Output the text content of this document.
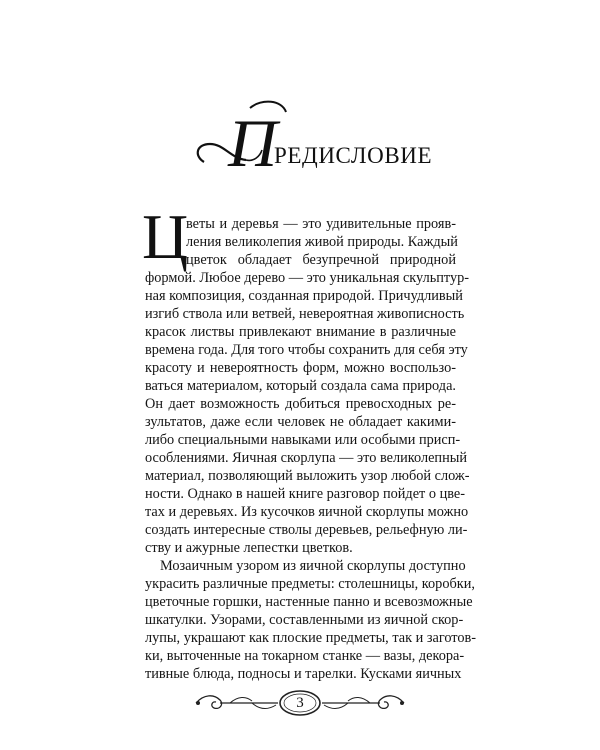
П
РЕДИСЛОВИЕ
Ц
веты и деревья — это удивительные прояв-
ления великолепия живой природы. Каждый
цветок обладает безупречной природной
формой. Любое дерево — это уникальная скульптур-
ная композиция, созданная природой. Причудливый
изгиб ствола или ветвей, невероятная живописность
красок листвы привлекают внимание в различные
времена года. Для того чтобы сохранить для себя эту
красоту и невероятность форм, можно воспользо-
ваться материалом, который создала сама природа.
Он дает возможность добиться превосходных ре-
зультатов, даже если человек не обладает какими-
либо специальными навыками или особыми присп-
особлениями. Яичная скорлупа — это великолепный
материал, позволяющий выложить узор любой слож-
ности. Однако в нашей книге разговор пойдет о цве-
тах и деревьях. Из кусочков яичной скорлупы можно
создать интересные стволы деревьев, рельефную ли-
ству и ажурные лепестки цветков.
Мозаичным узором из яичной скорлупы доступно
украсить различные предметы: столешницы, коробки,
цветочные горшки, настенные панно и всевозможные
шкатулки. Узорами, составленными из яичной скор-
лупы, украшают как плоские предметы, так и заготов-
ки, выточенные на токарном станке — вазы, декора-
тивные блюда, подносы и тарелки. Кусками яичных
3
